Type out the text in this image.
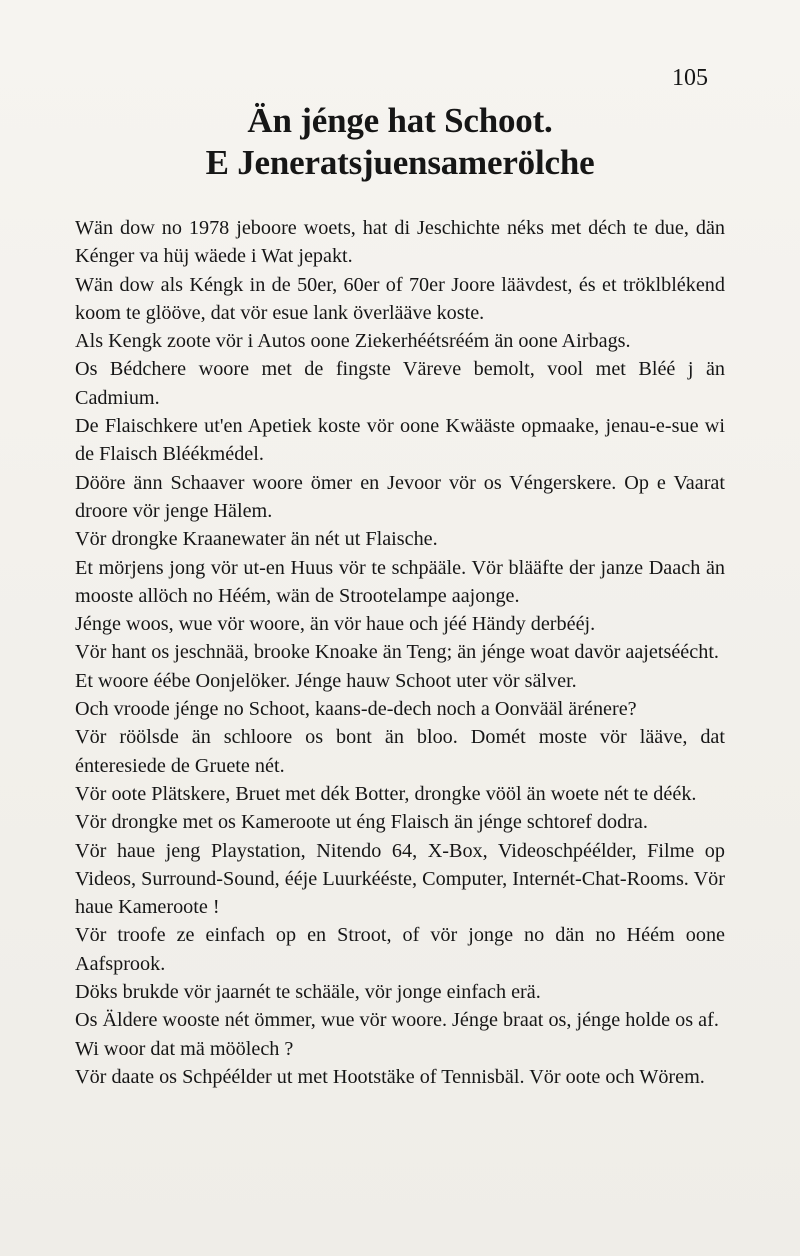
105
Än jénge hat Schoot.
E Jeneratsjuensamerölche

Wän dow no 1978 jeboore woets, hat di Jeschichte néks met déch te due, dän Kénger va hüj wäede i Wat jepakt.

Wän dow als Kéngk in de 50er, 60er of 70er Joore läävdest, és et tröklblékend koom te glööve, dat vör esue lank överlääve koste.

Als Kengk zoote vör i Autos oone Ziekerhéétsréém än oone Airbags.

Os Bédchere woore met de fingste Väreve bemolt, vool met Bléé j än Cadmium.

De Flaischkere ut'en Apetiek koste vör oone Kwääste opmaake, jenau-e-sue wi de Flaisch Bléékmédel.

Dööre änn Schaaver woore ömer en Jevoor vör os Véngerskere. Op e Vaarat droore vör jenge Hälem.

Vör drongke Kraanewater än nét ut Flaische.

Et mörjens jong vör ut-en Huus vör te schpääle. Vör blääfte der janze Daach än mooste allöch no Héém, wän de Strootelampe aajonge.

Jénge woos, wue vör woore, än vör haue och jéé Händy derbééj.

Vör hant os jeschnää, brooke Knoake än Teng; än jénge woat davör aajetséécht.

Et woore éébe Oonjelöker. Jénge hauw Schoot uter vör sälver.

Och vroode jénge no Schoot, kaans-de-dech noch a Oonvääl ärénere?

Vör röölsde än schloore os bont än bloo. Domét moste vör lääve, dat énteresiede de Gruete nét.

Vör oote Plätskere, Bruet met dék Botter, drongke vööl än woete nét te déék.

Vör drongke met os Kameroote ut éng Flaisch än jénge schtoref dodra.

Vör haue jeng Playstation, Nitendo 64, X-Box, Videoschpéélder, Filme op Videos, Surround-Sound, ééje Luurkééste, Computer, Internét-Chat-Rooms. Vör haue Kameroote !

Vör troofe ze einfach op en Stroot, of vör jonge no dän no Héém oone Aafsprook.

Döks brukde vör jaarnét te schääle, vör jonge einfach erä.

Os Äldere wooste nét ömmer, wue vör woore. Jénge braat os, jénge holde os af.

Wi woor dat mä möölech ?

Vör daate os Schpéélder ut met Hootstäke of Tennisbäl. Vör oote och Wörem.
